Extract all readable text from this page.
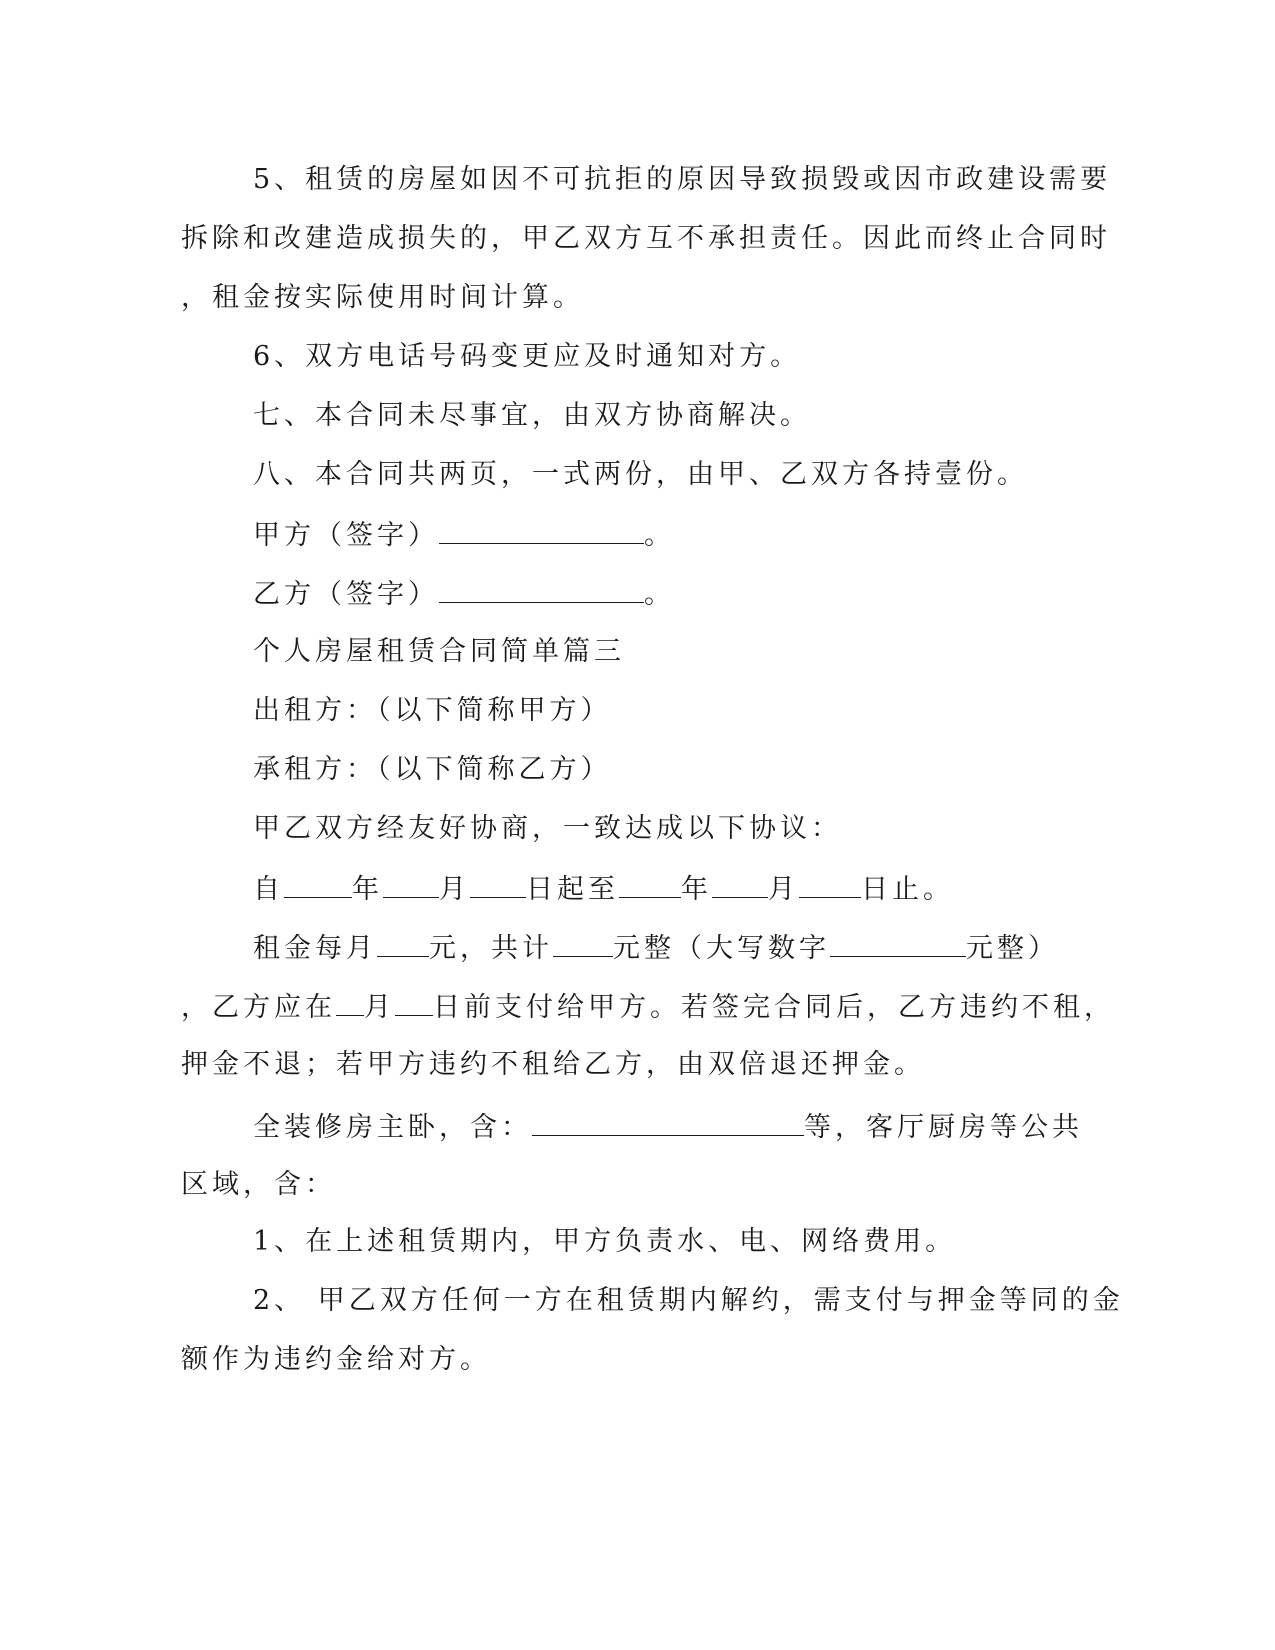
5、租赁的房屋如因不可抗拒的原因导致损毁或因市政建设需要
拆除和改建造成损失的，甲乙双方互不承担责任。因此而终止合同时
，租金按实际使用时间计算。
6、双方电话号码变更应及时通知对方。
七、本合同未尽事宜，由双方协商解决。
八、本合同共两页，一式两份，由甲、乙双方各持壹份。
甲方（签字）	。
乙方（签字）	。
个人房屋租赁合同简单篇三
出租方：（以下简称甲方）
承租方：（以下简称乙方）
甲乙双方经友好协商，一致达成以下协议：
自	年 月 日起至 年 月 日止。
租金每月 元，共计 元整（大写数字	元整）
，乙方应在 月 日前支付给甲方。若签完合同后，乙方违约不租，
押金不退；若甲方违约不租给乙方，由双倍退还押金。
全装修房主卧，含：	等，客厅厨房等公共
区域，含：
1、在上述租赁期内，甲方负责水、电、网络费用。
2、 甲乙双方任何一方在租赁期内解约，需支付与押金等同的金
额作为违约金给对方。
